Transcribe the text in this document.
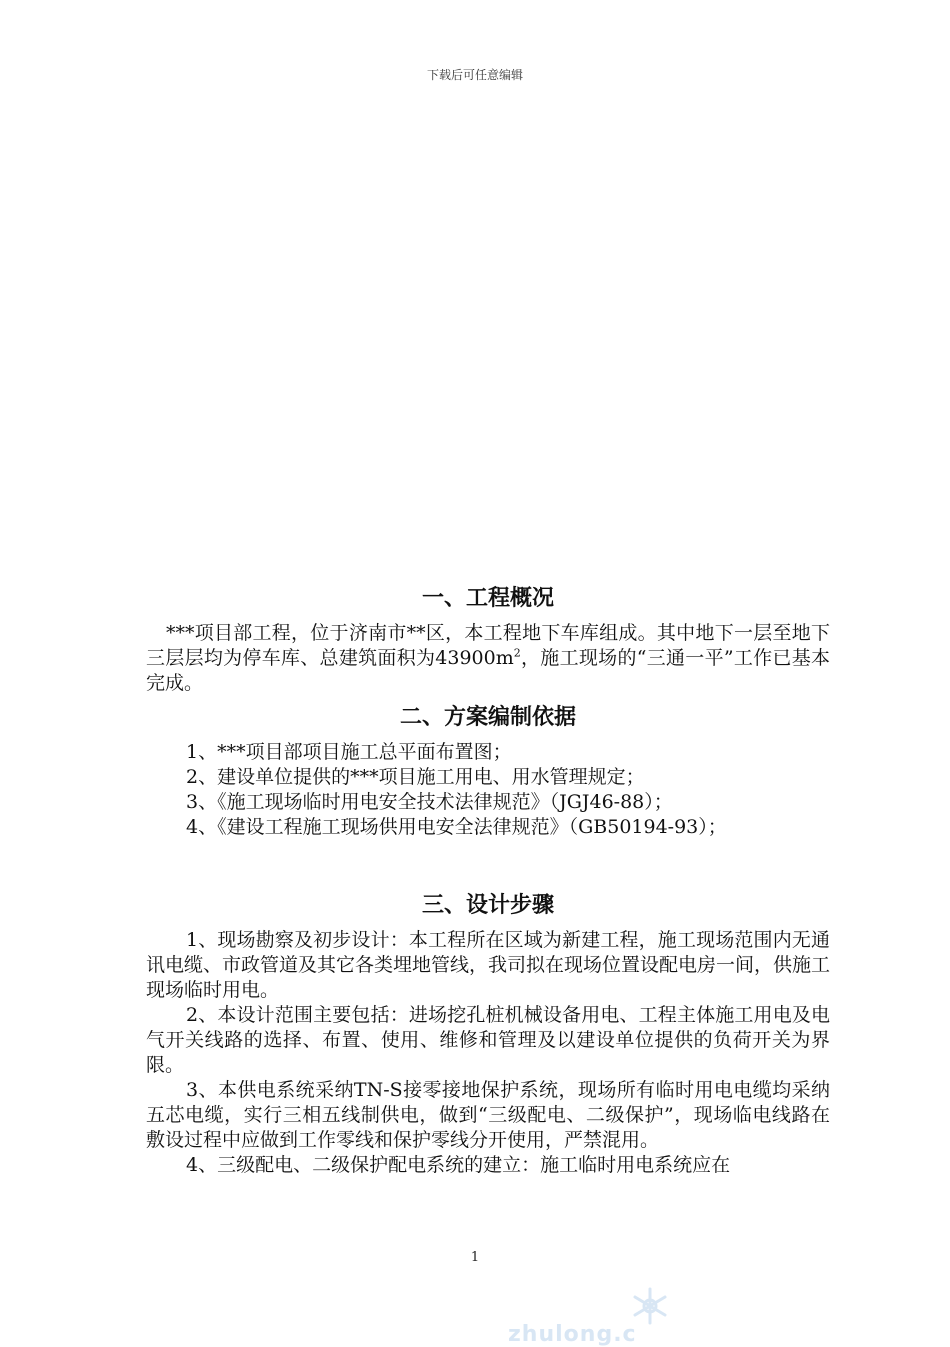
下载后可任意编辑
一、工程概况

***项目部工程，位于济南市**区，本工程地下车库组成。其中地下一层至地下三层层均为停车库、总建筑面积为$43900m^2$，施工现场的“三通一平”工作已基本完成。

二、方案编制依据

1、***项目部项目施工总平面布置图；

2、建设单位提供的***项目施工用电、用水管理规定；

3、《施工现场临时用电安全技术法律规范》（JGJ46-88）；

4、《建设工程施工现场供用电安全法律规范》（GB50194-93）；

三、设计步骤

1、现场勘察及初步设计：本工程所在区域为新建工程，施工现场范围内无通讯电缆、市政管道及其它各类埋地管线，我司拟在现场位置设配电房一间，供施工现场临时用电。

2、本设计范围主要包括：进场挖孔桩机械设备用电、工程主体施工用电及电气开关线路的选择、布置、使用、维修和管理及以建设单位提供的负荷开关为界限。

3、本供电系统采纳TN-S接零接地保护系统，现场所有临时用电电缆均采纳五芯电缆，实行三相五线制供电，做到“三级配电、二级保护”，现场临电线路在敷设过程中应做到工作零线和保护零线分开使用，严禁混用。

4、三级配电、二级保护配电系统的建立：施工临时用电系统应在

1
zhulong.c
